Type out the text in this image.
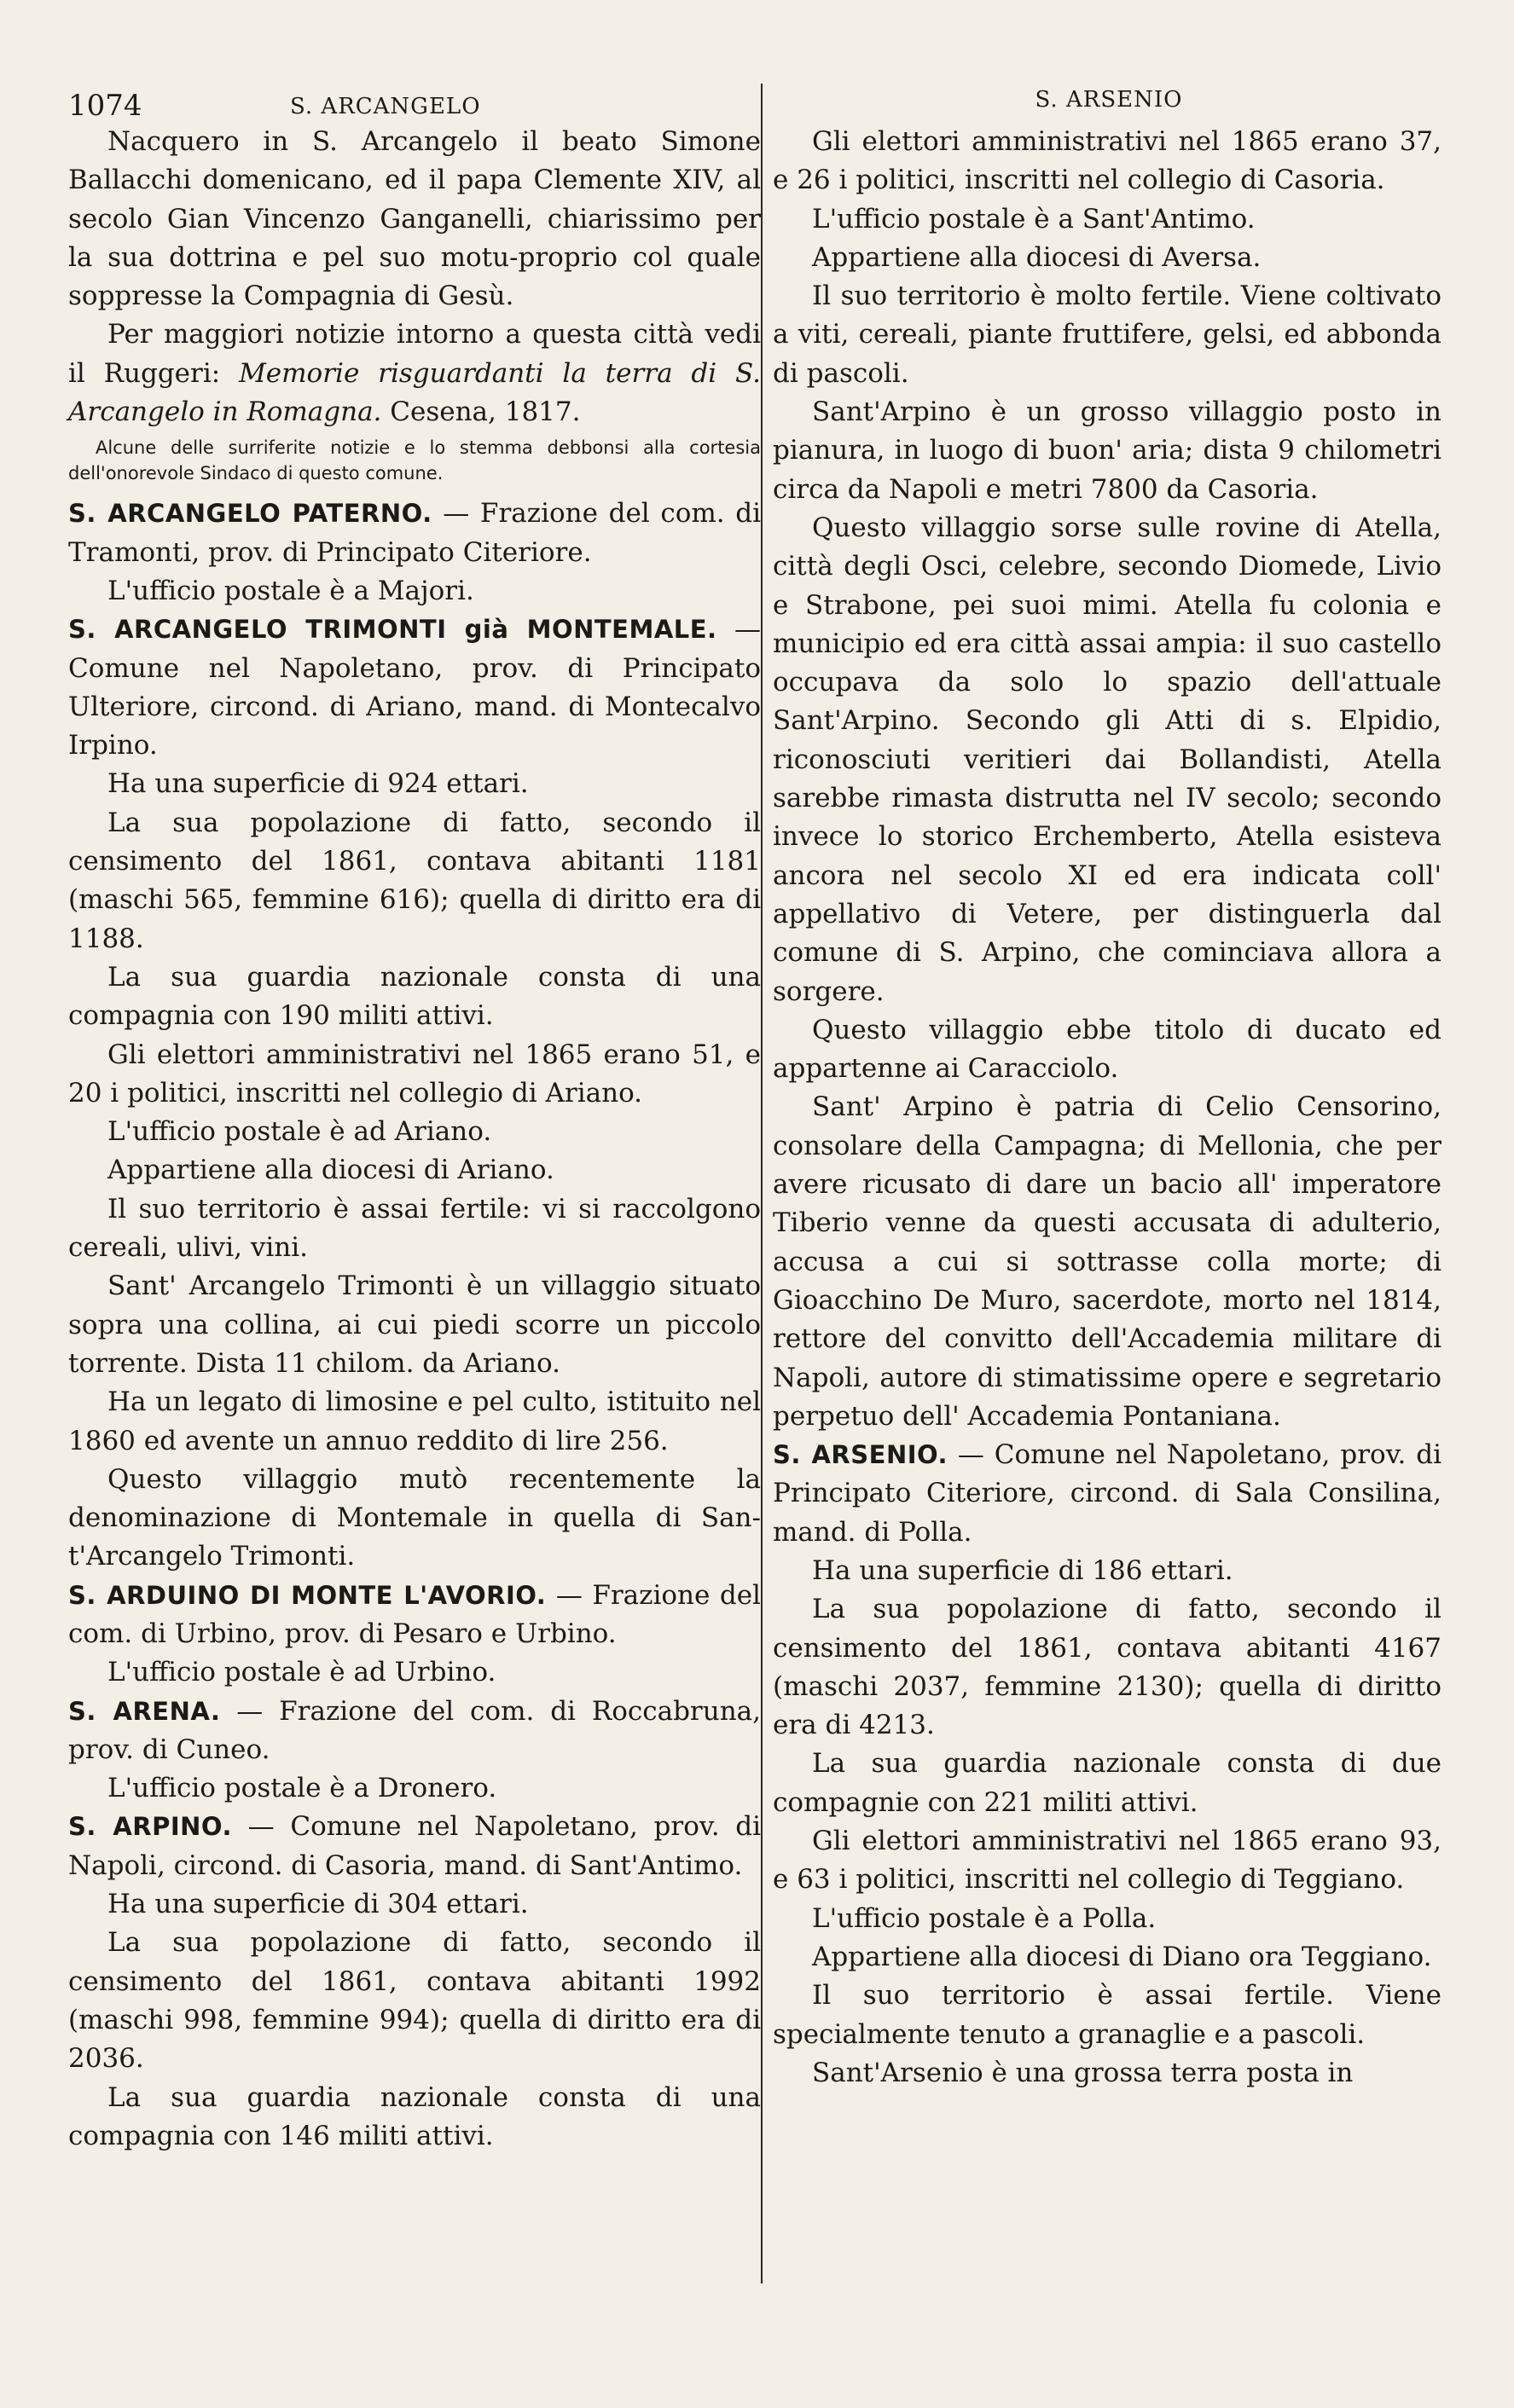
1074	S. ARCANGELO	S. ARSENIO

Nacquero in S. Arcangelo il beato Simone Ballacchi domenicano, ed il papa Clemente XIV, al secolo Gian Vincenzo Ganganelli, chiarissimo per la sua dottrina e pel suo motu-proprio col quale soppresse la Compagnia di Gesù.

Per maggiori notizie intorno a questa città vedi il Ruggeri: Memorie risguardanti la terra di S. Arcangelo in Romagna. Cesena, 1817.

Alcune delle surriferite notizie e lo stemma debbonsi alla cortesia dell'onorevole Sindaco di questo comune.

S. ARCANGELO PATERNO. — Frazione del com. di Tramonti, prov. di Principato Citeriore.

L'ufficio postale è a Majori.

S. ARCANGELO TRIMONTI già MONTEMALE. — Comune nel Napoletano, prov. di Principato Ulteriore, circond. di Ariano, mand. di Montecalvo Irpino.

Ha una superficie di 924 ettari.

La sua popolazione di fatto, secondo il censimento del 1861, contava abitanti 1181 (maschi 565, femmine 616); quella di diritto era di 1188.

La sua guardia nazionale consta di una compagnia con 190 militi attivi.

Gli elettori amministrativi nel 1865 erano 51, e 20 i politici, inscritti nel collegio di Ariano.

L'ufficio postale è ad Ariano.

Appartiene alla diocesi di Ariano.

Il suo territorio è assai fertile: vi si raccolgono cereali, ulivi, vini.

Sant' Arcangelo Trimonti è un villaggio situato sopra una collina, ai cui piedi scorre un piccolo torrente. Dista 11 chilom. da Ariano.

Ha un legato di limosine e pel culto, istituito nel 1860 ed avente un annuo reddito di lire 256.

Questo villaggio mutò recentemente la denominazione di Montemale in quella di San-t'Arcangelo Trimonti.

S. ARDUINO DI MONTE L'AVORIO. — Frazione del com. di Urbino, prov. di Pesaro e Urbino.

L'ufficio postale è ad Urbino.

S. ARENA. — Frazione del com. di Roccabruna, prov. di Cuneo.

L'ufficio postale è a Dronero.

S. ARPINO. — Comune nel Napoletano, prov. di Napoli, circond. di Casoria, mand. di Sant'Antimo.

Ha una superficie di 304 ettari.

La sua popolazione di fatto, secondo il censimento del 1861, contava abitanti 1992 (maschi 998, femmine 994); quella di diritto era di 2036.

La sua guardia nazionale consta di una compagnia con 146 militi attivi.

Gli elettori amministrativi nel 1865 erano 37, e 26 i politici, inscritti nel collegio di Casoria.

L'ufficio postale è a Sant'Antimo.

Appartiene alla diocesi di Aversa.

Il suo territorio è molto fertile. Viene coltivato a viti, cereali, piante fruttifere, gelsi, ed abbonda di pascoli.

Sant'Arpino è un grosso villaggio posto in pianura, in luogo di buon' aria; dista 9 chilometri circa da Napoli e metri 7800 da Casoria.

Questo villaggio sorse sulle rovine di Atella, città degli Osci, celebre, secondo Diomede, Livio e Strabone, pei suoi mimi. Atella fu colonia e municipio ed era città assai ampia: il suo castello occupava da solo lo spazio dell'attuale Sant'Arpino. Secondo gli Atti di s. Elpidio, riconosciuti veritieri dai Bollandisti, Atella sarebbe rimasta distrutta nel IV secolo; secondo invece lo storico Erchemberto, Atella esisteva ancora nel secolo XI ed era indicata coll' appellativo di Vetere, per distinguerla dal comune di S. Arpino, che cominciava allora a sorgere.

Questo villaggio ebbe titolo di ducato ed appartenne ai Caracciolo.

Sant' Arpino è patria di Celio Censorino, consolare della Campagna; di Mellonia, che per avere ricusato di dare un bacio all' imperatore Tiberio venne da questi accusata di adulterio, accusa a cui si sottrasse colla morte; di Gioacchino De Muro, sacerdote, morto nel 1814, rettore del convitto dell'Accademia militare di Napoli, autore di stimatissime opere e segretario perpetuo dell' Accademia Pontaniana.

S. ARSENIO. — Comune nel Napoletano, prov. di Principato Citeriore, circond. di Sala Consilina, mand. di Polla.

Ha una superficie di 186 ettari.

La sua popolazione di fatto, secondo il censimento del 1861, contava abitanti 4167 (maschi 2037, femmine 2130); quella di diritto era di 4213.

La sua guardia nazionale consta di due compagnie con 221 militi attivi.

Gli elettori amministrativi nel 1865 erano 93, e 63 i politici, inscritti nel collegio di Teggiano.

L'ufficio postale è a Polla.

Appartiene alla diocesi di Diano ora Teggiano.

Il suo territorio è assai fertile. Viene specialmente tenuto a granaglie e a pascoli.

Sant'Arsenio è una grossa terra posta in
